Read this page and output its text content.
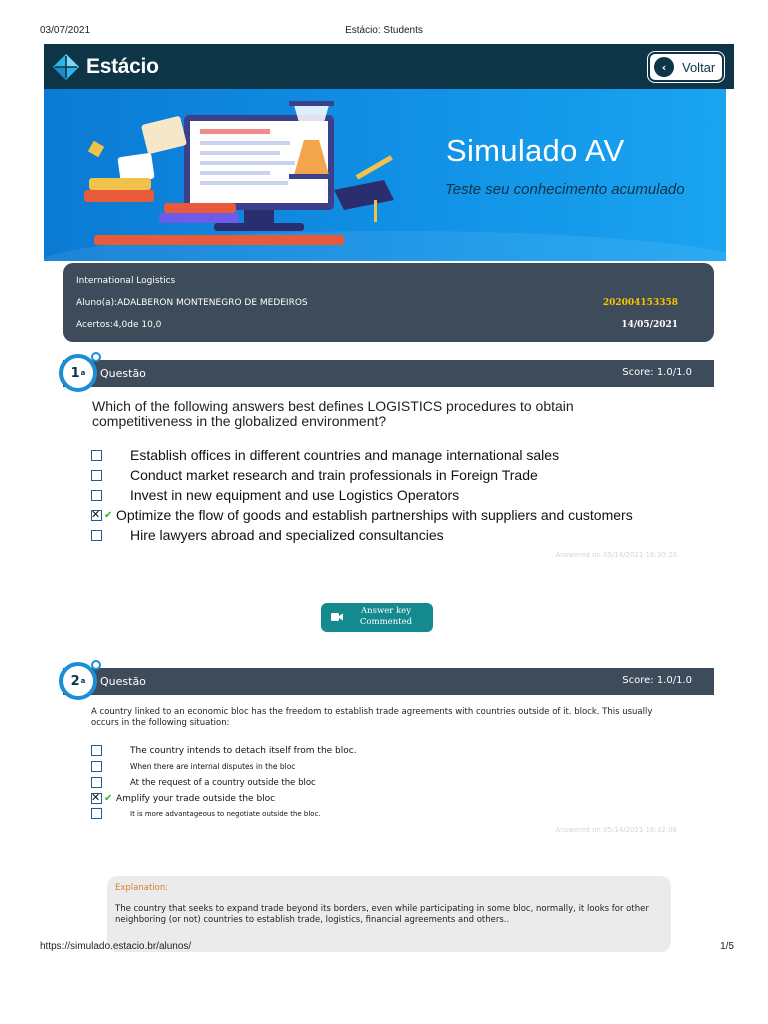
03/07/2021	Estácio: Students
Estácio	‹	Voltar
Simulado AV
Teste seu conhecimento acumulado
International Logistics
Aluno(a):ADALBERON MONTENEGRO DE MEDEIROS
Acertos:4,0de 10,0
202004153358
14/05/2021
Questão	Score: 1.0/1.0
1 a
Which of the following answers best defines LOGISTICS procedures to obtain competitiveness in the globalized environment?
Establish offices in different countries and manage international sales
Conduct market research and train professionals in Foreign Trade
Invest in new equipment and use Logistics Operators
✕
✔ Optimize the flow of goods and establish partnerships with suppliers and customers
Hire lawyers abroad and specialized consultancies
Answered on 05/14/2021 16:30:20
Answer key
Commented
Questão	Score: 1.0/1.0
2 a
A country linked to an economic bloc has the freedom to establish trade agreements with countries outside of it. block. This usually occurs in the following situation:
The country intends to detach itself from the bloc.
When there are internal disputes in the bloc
At the request of a country outside the bloc
✕
✔ Amplify your trade outside the bloc
It is more advantageous to negotiate outside the bloc.
Answered on 05/14/2021 16:32:08
Explanation:
The country that seeks to expand trade beyond its borders, even while participating in some bloc, normally, it looks for other neighboring (or not) countries to establish trade, logistics, financial agreements and others..
https://simulado.estacio.br/alunos/	1/5
